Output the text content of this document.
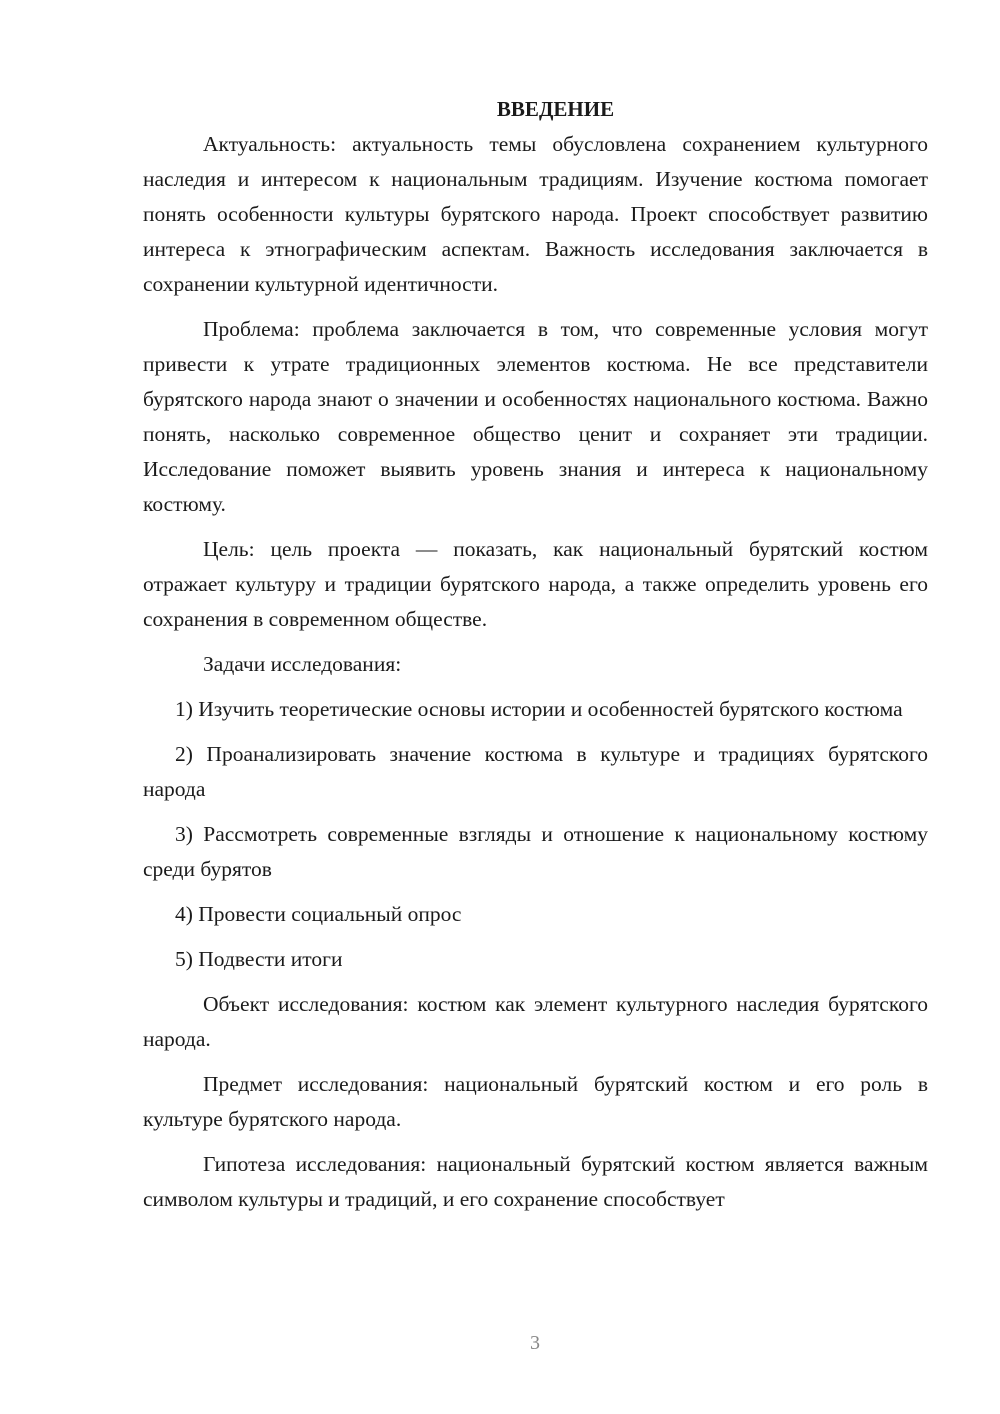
ВВЕДЕНИЕ

Актуальность: актуальность темы обусловлена сохранением культурного наследия и интересом к национальным традициям. Изучение костюма помогает понять особенности культуры бурятского народа. Проект способствует развитию интереса к этнографическим аспектам. Важность исследования заключается в сохранении культурной идентичности.

Проблема: проблема заключается в том, что современные условия могут привести к утрате традиционных элементов костюма. Не все представители бурятского народа знают о значении и особенностях национального костюма. Важно понять, насколько современное общество ценит и сохраняет эти традиции. Исследование поможет выявить уровень знания и интереса к национальному костюму.

Цель: цель проекта — показать, как национальный бурятский костюм отражает культуру и традиции бурятского народа, а также определить уровень его сохранения в современном обществе.

Задачи исследования:

1) Изучить теоретические основы истории и особенностей бурятского костюма

2) Проанализировать значение костюма в культуре и традициях бурятского народа

3) Рассмотреть современные взгляды и отношение к национальному костюму среди бурятов

4) Провести социальный опрос

5) Подвести итоги

Объект исследования: костюм как элемент культурного наследия бурятского народа.

Предмет исследования: национальный бурятский костюм и его роль в культуре бурятского народа.

Гипотеза исследования: национальный бурятский костюм является важным символом культуры и традиций, и его сохранение способствует

3
